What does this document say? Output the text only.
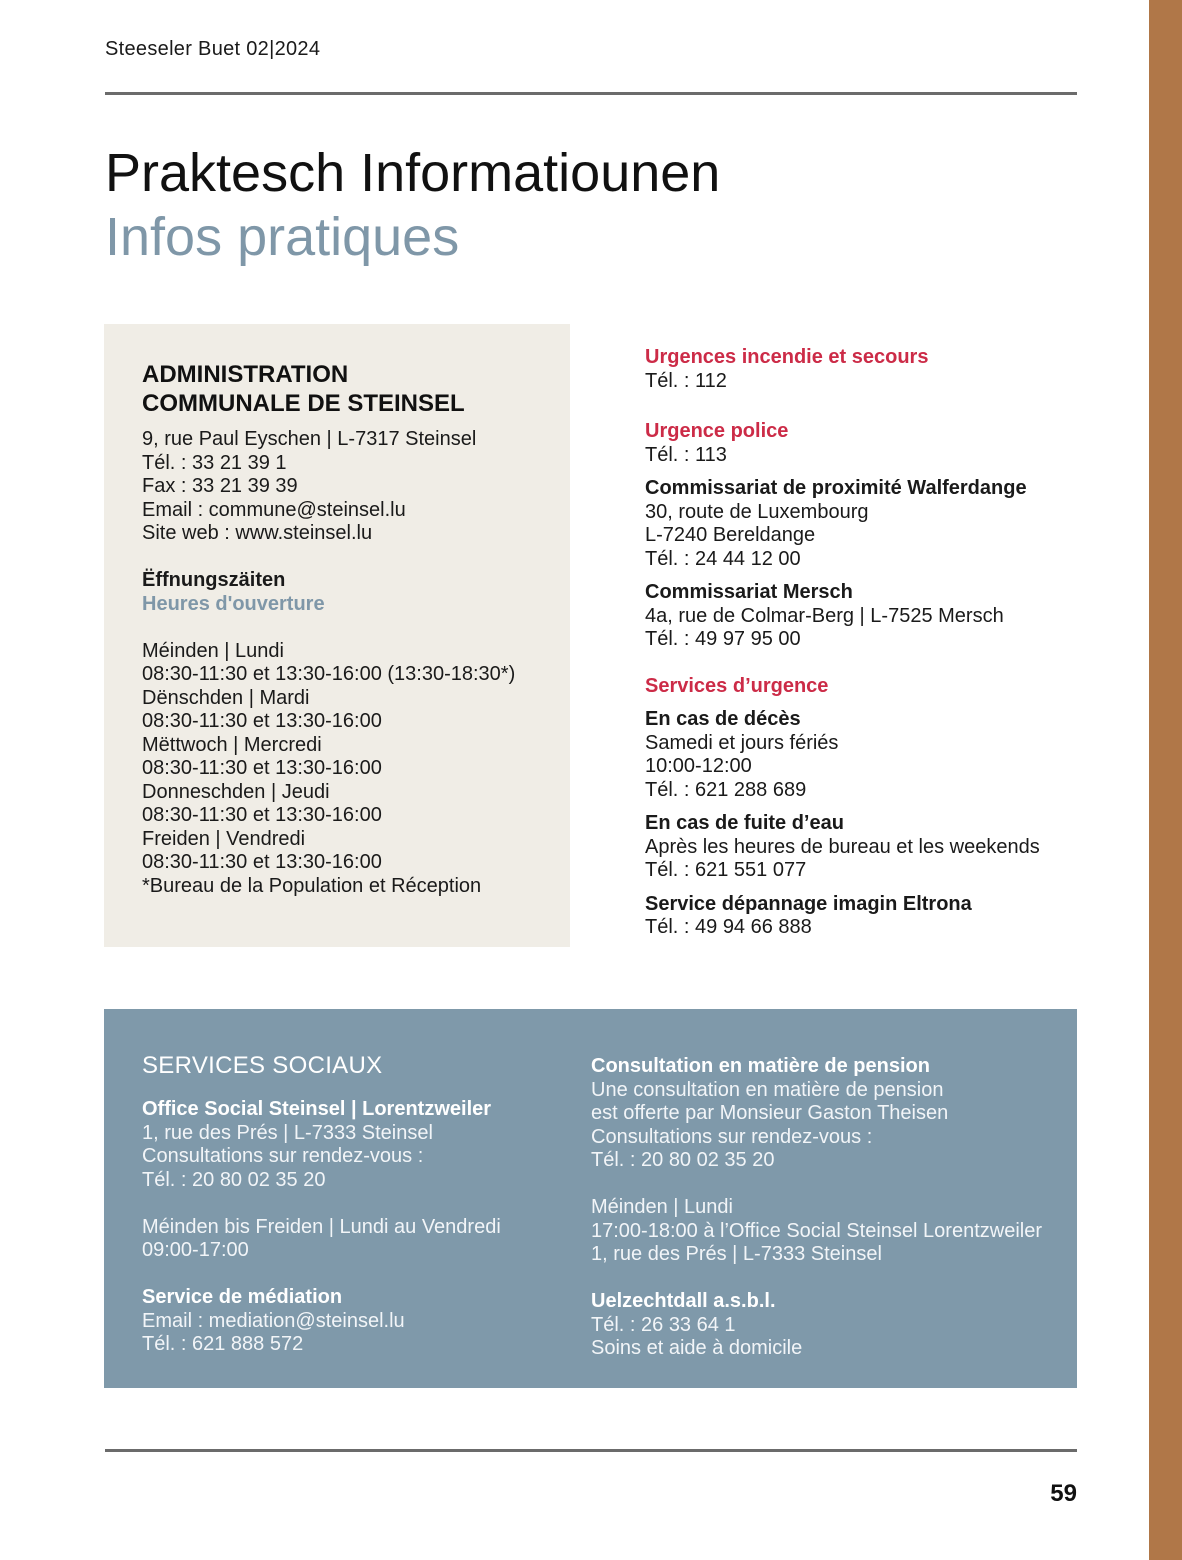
Steeseler Buet 02|2024
Praktesch Informatiounen
Infos pratiques
ADMINISTRATION
COMMUNALE DE STEINSEL
9, rue Paul Eyschen | L-7317 Steinsel
Tél. : 33 21 39 1
Fax : 33 21 39 39
Email : commune@steinsel.lu
Site web : www.steinsel.lu
Ëffnungszäiten
Heures d'ouverture
Méinden | Lundi
08:30-11:30 et 13:30-16:00 (13:30-18:30*)
Dënschden | Mardi
08:30-11:30 et 13:30-16:00
Mëttwoch | Mercredi
08:30-11:30 et 13:30-16:00
Donneschden | Jeudi
08:30-11:30 et 13:30-16:00
Freiden | Vendredi
08:30-11:30 et 13:30-16:00
*Bureau de la Population et Réception
Urgences incendie et secours
Tél. : 112
Urgence police
Tél. : 113
Commissariat de proximité Walferdange
30, route de Luxembourg
L-7240 Bereldange
Tél. : 24 44 12 00
Commissariat Mersch
4a, rue de Colmar-Berg | L-7525 Mersch
Tél. : 49 97 95 00
Services d’urgence
En cas de décès
Samedi et jours fériés
10:00-12:00
Tél. : 621 288 689
En cas de fuite d’eau
Après les heures de bureau et les weekends
Tél. : 621 551 077
Service dépannage imagin Eltrona
Tél. : 49 94 66 888
SERVICES SOCIAUX
Office Social Steinsel | Lorentzweiler
1, rue des Prés | L-7333 Steinsel
Consultations sur rendez-vous :
Tél. : 20 80 02 35 20
Méinden bis Freiden | Lundi au Vendredi
09:00-17:00
Service de médiation
Email : mediation@steinsel.lu
Tél. : 621 888 572
Consultation en matière de pension
Une consultation en matière de pension
est offerte par Monsieur Gaston Theisen
Consultations sur rendez-vous :
Tél. : 20 80 02 35 20
Méinden | Lundi
17:00-18:00 à l’Office Social Steinsel Lorentzweiler
1, rue des Prés | L-7333 Steinsel
Uelzechtdall a.s.b.l.
Tél. : 26 33 64 1
Soins et aide à domicile
59
